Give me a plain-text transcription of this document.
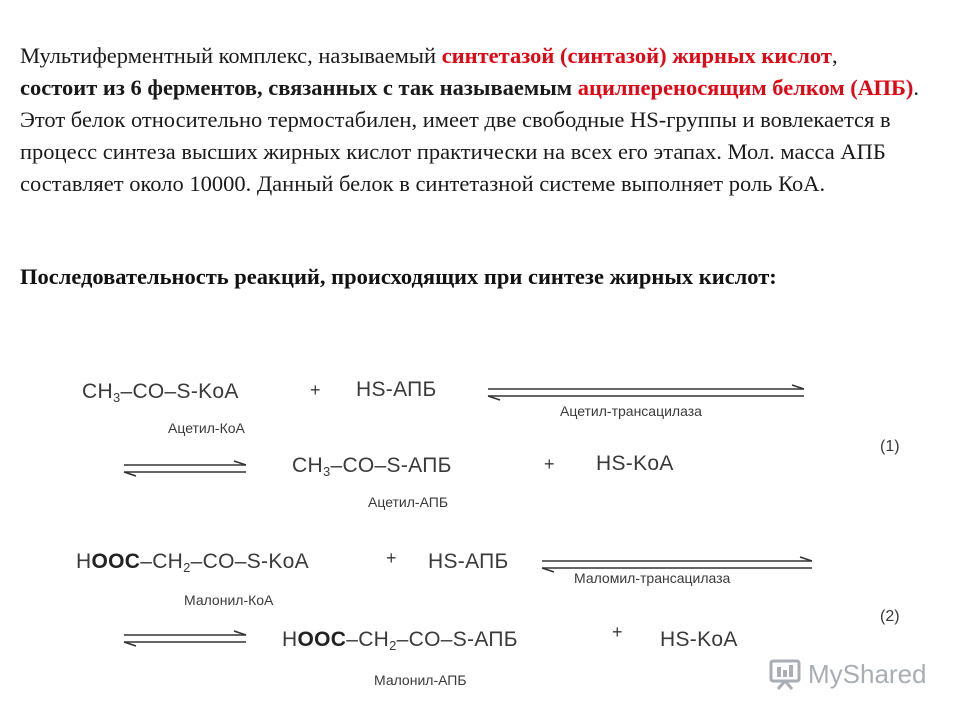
Мультиферментный комплекс, называемый синтетазой (синтазой) жирных кислот, состоит из 6 ферментов, связанных с так называемым ацилпереносящим белком (АПБ). Этот белок относительно термостабилен, имеет две свободные HS-группы и вовлекается в процесс синтеза высших жирных кислот практически на всех его этапах. Мол. масса АПБ составляет около 10000. Данный белок в синтетазной системе выполняет роль КоА.
Последовательность реакций, происходящих при синтезе жирных кислот:
$CH_3-CO-S$-KoA
Ацетил-КоА
+ HS-АПБ
Ацетил-трансацилаза
$CH_3-CO-S$-АПБ
Ацетил-АПБ
+ HS-KoA
(1)
HOOC–$CH_2-CO-S$-KoA
Малонил-КоА
+ HS-АПБ
Маломил-трансацилаза
HOOC–$CH_2-CO-S$-АПБ
Малонил-АПБ
+ HS-KoA
(2)
MyShared
